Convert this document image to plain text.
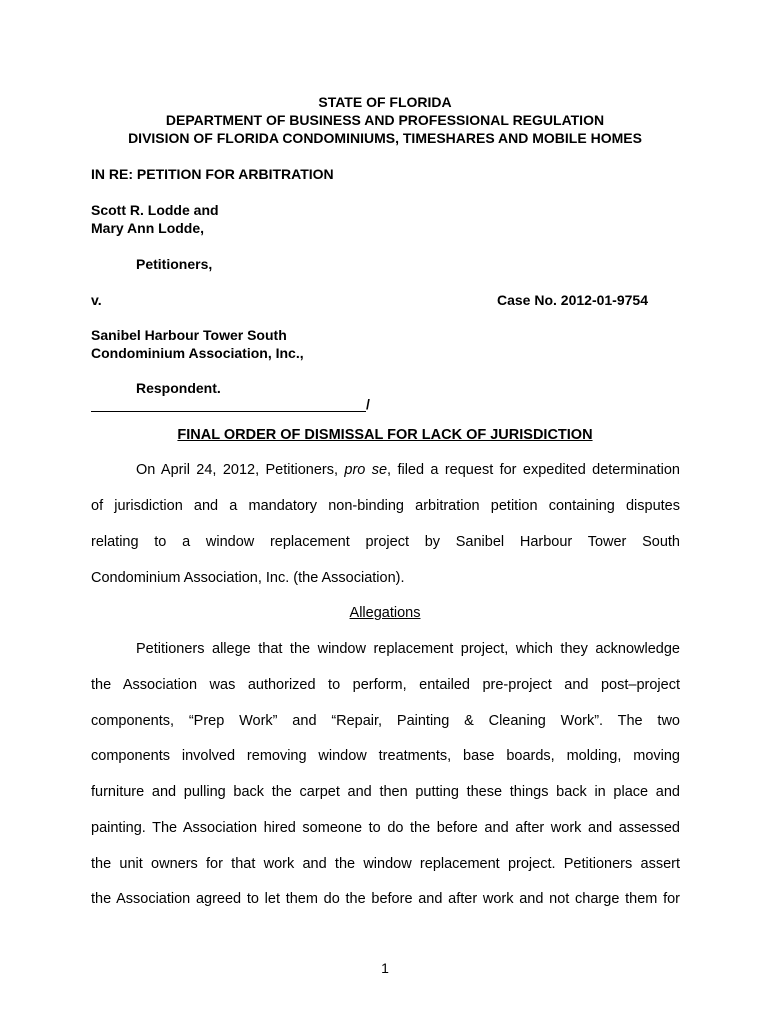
STATE OF FLORIDA
DEPARTMENT OF BUSINESS AND PROFESSIONAL REGULATION
DIVISION OF FLORIDA CONDOMINIUMS, TIMESHARES AND MOBILE HOMES
IN RE: PETITION FOR ARBITRATION
Scott R. Lodde and
Mary Ann Lodde,
Petitioners,
v.	Case No. 2012-01-9754
Sanibel Harbour Tower South
Condominium Association, Inc.,
Respondent.
/
FINAL ORDER OF DISMISSAL FOR LACK OF JURISDICTION
On April 24, 2012, Petitioners, pro se, filed a request for expedited determination
of jurisdiction and a mandatory non-binding arbitration petition containing disputes
relating to a window replacement project by Sanibel Harbour Tower South
Condominium Association, Inc. (the Association).
Allegations
Petitioners allege that the window replacement project, which they acknowledge
the Association was authorized to perform, entailed pre-project and post–project
components, “Prep Work” and “Repair, Painting & Cleaning Work”. The two
components involved removing window treatments, base boards, molding, moving
furniture and pulling back the carpet and then putting these things back in place and
painting. The Association hired someone to do the before and after work and assessed
the unit owners for that work and the window replacement project. Petitioners assert
the Association agreed to let them do the before and after work and not charge them for
1
